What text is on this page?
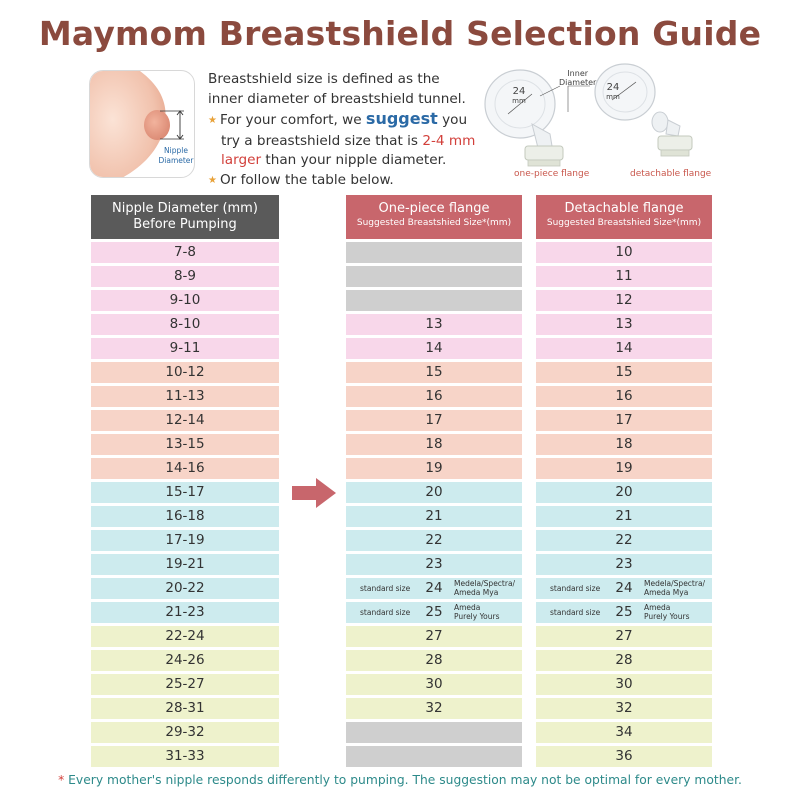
Maymom Breastshield Selection Guide
Nipple
Diameter
Breastshield size is defined as the
inner diameter of breastshield tunnel.
★ For your comfort, we suggest you
try a breastshield size that is 2-4 mm
larger than your nipple diameter.
★ Or follow the table below.
Inner
Diameter
24
mm
24
mm
one-piece flange	detachable flange
Nipple Diameter (mm)
Before Pumping
One-piece flange
Suggested Breastshied Size*(mm)
Detachable flange
Suggested Breastshied Size*(mm)
7-8
8-9
9-10
8-10
9-11
10-12
11-13
12-14
13-15
14-16
15-17
16-18
17-19
19-21
20-22
21-23
22-24
24-26
25-27
28-31
29-32
31-33
13
14
15
16
17
18
19
20
21
22
23
24
standard size
Medela/Spectra/
Ameda Mya
25
standard size
Ameda
Purely Yours
27
28
30
32
10
11
12
13
14
15
16
17
18
19
20
21
22
23
24
standard size
Medela/Spectra/
Ameda Mya
25
standard size
Ameda
Purely Yours
27
28
30
32
34
36
* Every mother's nipple responds differently to pumping. The suggestion may not be optimal for every mother.
